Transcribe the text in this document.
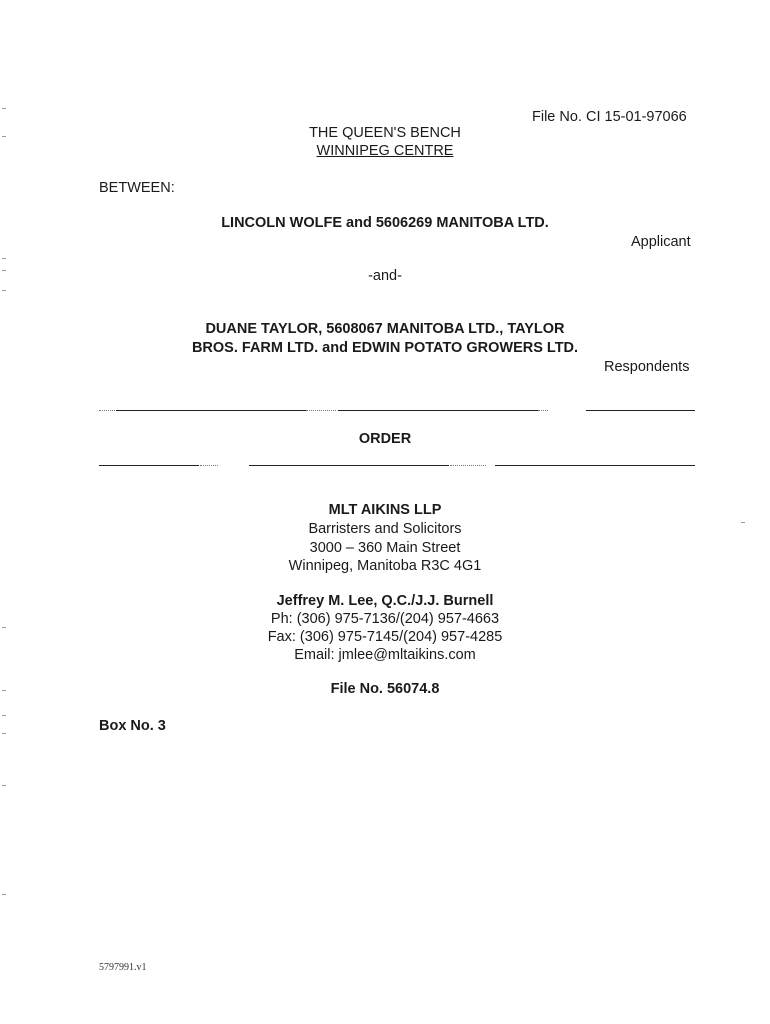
File No. CI 15-01-97066
THE QUEEN'S BENCH
WINNIPEG CENTRE
BETWEEN:
LINCOLN WOLFE and 5606269 MANITOBA LTD.
Applicant
-and-
DUANE TAYLOR, 5608067 MANITOBA LTD., TAYLOR
BROS. FARM LTD. and EDWIN POTATO GROWERS LTD.
Respondents
ORDER
MLT AIKINS LLP
Barristers and Solicitors
3000 – 360 Main Street
Winnipeg, Manitoba R3C 4G1
Jeffrey M. Lee, Q.C./J.J. Burnell
Ph: (306) 975-7136/(204) 957-4663
Fax: (306) 975-7145/(204) 957-4285
Email: jmlee@mltaikins.com
File No. 56074.8
Box No. 3
5797991.v1
